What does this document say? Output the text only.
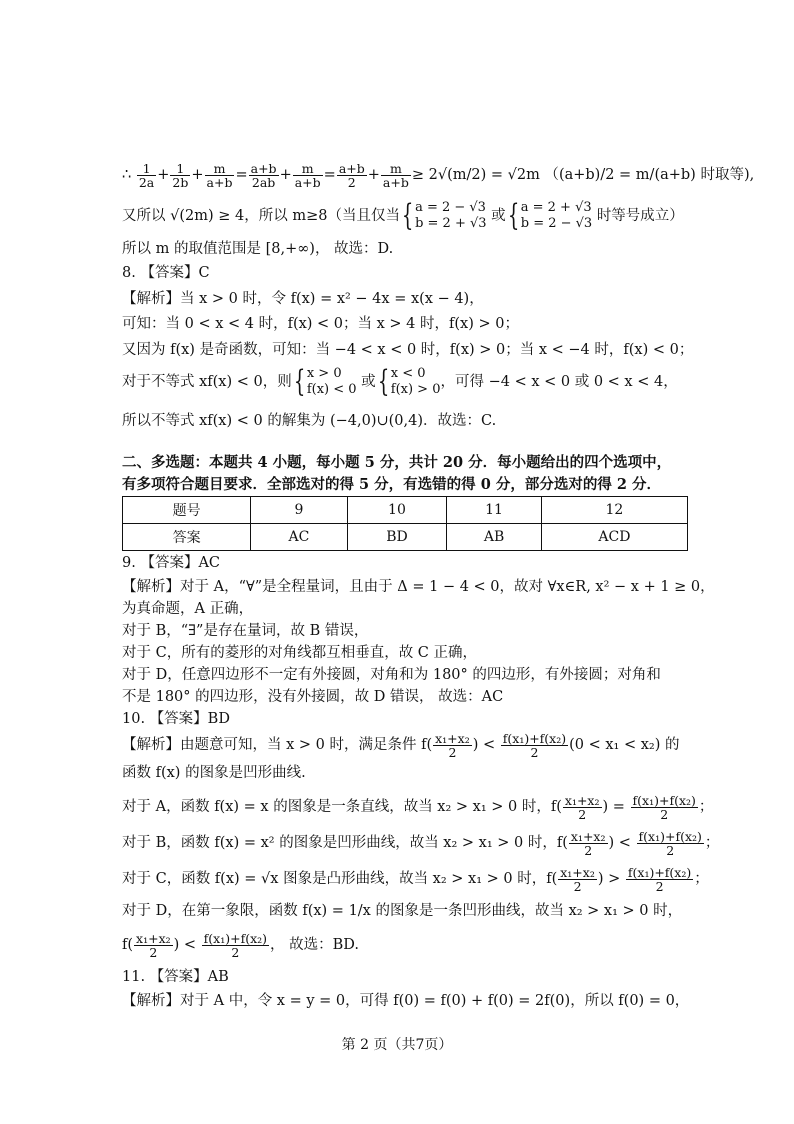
∴ $\frac{1}{2a} + \frac{1}{2b} + \frac{m}{a+b} = \frac{a+b}{2ab} + \frac{m}{a+b} = \frac{a+b}{2} + \frac{m}{a+b} \ge 2√(m/2) = √2m$ （(a+b)/2 = m/(a+b) 时取等),
又所以 √(2m) ≥ 4，所以 m≥8（当且仅当{ a = 2 − √3
b = 2 + √3 或{ a = 2 + √3
b = 2 − √3 时等号成立）
所以 m 的取值范围是 [8,+∞)， 故选：D.
8. 【答案】C
【解析】当 x > 0 时，令 f(x) = x² − 4x = x(x − 4)，
可知：当 0 < x < 4 时，f(x) < 0；当 x > 4 时，f(x) > 0；
又因为 f(x) 是奇函数，可知：当 −4 < x < 0 时，f(x) > 0；当 x < −4 时，f(x) < 0；
对于不等式 xf(x) < 0，则{ x > 0
f(x) < 0 或{ x < 0
f(x) > 0 ，可得 −4 < x < 0 或 0 < x < 4，
所以不等式 xf(x) < 0 的解集为 (−4,0)∪(0,4)．故选：C.
二、多选题：本题共 4 小题，每小题 5 分，共计 20 分．每小题给出的四个选项中，
有多项符合题目要求．全部选对的得 5 分，有选错的得 0 分，部分选对的得 2 分．
题号	9	10	11	12
答案	AC	BD	AB	ACD
9. 【答案】AC
【解析】对于 A，“∀”是全程量词，且由于 Δ = 1 − 4 < 0，故对 ∀x∈R, x² − x + 1 ≥ 0，
为真命题，A 正确，
对于 B，“∃”是存在量词，故 B 错误，
对于 C，所有的菱形的对角线都互相垂直，故 C 正确，
对于 D，任意四边形不一定有外接圆，对角和为 180° 的四边形，有外接圆；对角和
不是 180° 的四边形，没有外接圆，故 D 错误， 故选：AC
10. 【答案】BD
【解析】由题意可知，当 x > 0 时，满足条件 $f( \frac{\text{x₁+x₂}}{2}$ ) < $\frac{\text{f(x₁)+f(x₂)}}{2} (0 < x_1 < x_2)$ 的
函数 f(x) 的图象是凹形曲线.
对于 A，函数 f(x) = x 的图象是一条直线，故当 x₂ > x₁ > 0 时，$f( \frac{\text{x₁+x₂}}{2}$ ) = $\frac{\text{f(x₁)+f(x₂)}}{2}$ ；
对于 B，函数 f(x) = x² 的图象是凹形曲线，故当 x₂ > x₁ > 0 时，$f( \frac{\text{x₁+x₂}}{2}$ ) < $\frac{\text{f(x₁)+f(x₂)}}{2}$ ；
对于 C，函数 f(x) = √x 图象是凸形曲线，故当 x₂ > x₁ > 0 时，$f( \frac{\text{x₁+x₂}}{2}$ ) > $\frac{\text{f(x₁)+f(x₂)}}{2}$ ；
对于 D，在第一象限，函数 f(x) = 1/x 的图象是一条凹形曲线，故当 x₂ > x₁ > 0 时，
$f( \frac{\text{x₁+x₂}}{2}$ ) < $\frac{\text{f(x₁)+f(x₂)}}{2}$ ， 故选：BD.
11. 【答案】AB
【解析】对于 A 中，令 x = y = 0，可得 f(0) = f(0) + f(0) = 2f(0)，所以 f(0) = 0，
第 2 页（共7页）
